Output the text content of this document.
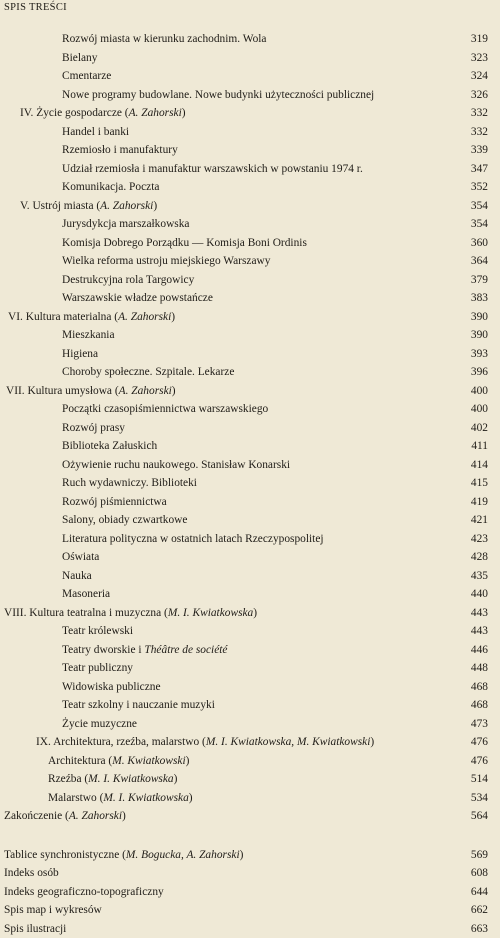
SPIS TREŚCI
Rozwój miasta w kierunku zachodnim. Wola	319
Bielany	323
Cmentarze	324
Nowe programy budowlane. Nowe budynki użyteczności publicznej	326
IV. Życie gospodarcze (A. Zahorski)	332
Handel i banki	332
Rzemiosło i manufaktury	339
Udział rzemiosła i manufaktur warszawskich w powstaniu 1974 r.	347
Komunikacja. Poczta	352
V. Ustrój miasta (A. Zahorski)	354
Jurysdykcja marszałkowska	354
Komisja Dobrego Porządku — Komisja Boni Ordinis	360
Wielka reforma ustroju miejskiego Warszawy	364
Destrukcyjna rola Targowicy	379
Warszawskie władze powstańcze	383
VI. Kultura materialna (A. Zahorski)	390
Mieszkania	390
Higiena	393
Choroby społeczne. Szpitale. Lekarze	396
VII. Kultura umysłowa (A. Zahorski)	400
Początki czasopiśmiennictwa warszawskiego	400
Rozwój prasy	402
Biblioteka Załuskich	411
Ożywienie ruchu naukowego. Stanisław Konarski	414
Ruch wydawniczy. Biblioteki	415
Rozwój piśmiennictwa	419
Salony, obiady czwartkowe	421
Literatura polityczna w ostatnich latach Rzeczypospolitej	423
Oświata	428
Nauka	435
Masoneria	440
VIII. Kultura teatralna i muzyczna (M. I. Kwiatkowska)	443
Teatr królewski	443
Teatry dworskie i Théâtre de société	446
Teatr publiczny	448
Widowiska publiczne	468
Teatr szkolny i nauczanie muzyki	468
Życie muzyczne	473
IX. Architektura, rzeźba, malarstwo (M. I. Kwiatkowska, M. Kwiatkowski)	476
Architektura (M. Kwiatkowski)	476
Rzeźba (M. I. Kwiatkowska)	514
Malarstwo (M. I. Kwiatkowska)	534
Zakończenie (A. Zahorski)	564
Tablice synchronistyczne (M. Bogucka, A. Zahorski)	569
Indeks osób	608
Indeks geograficzno-topograficzny	644
Spis map i wykresów	662
Spis ilustracji	663
